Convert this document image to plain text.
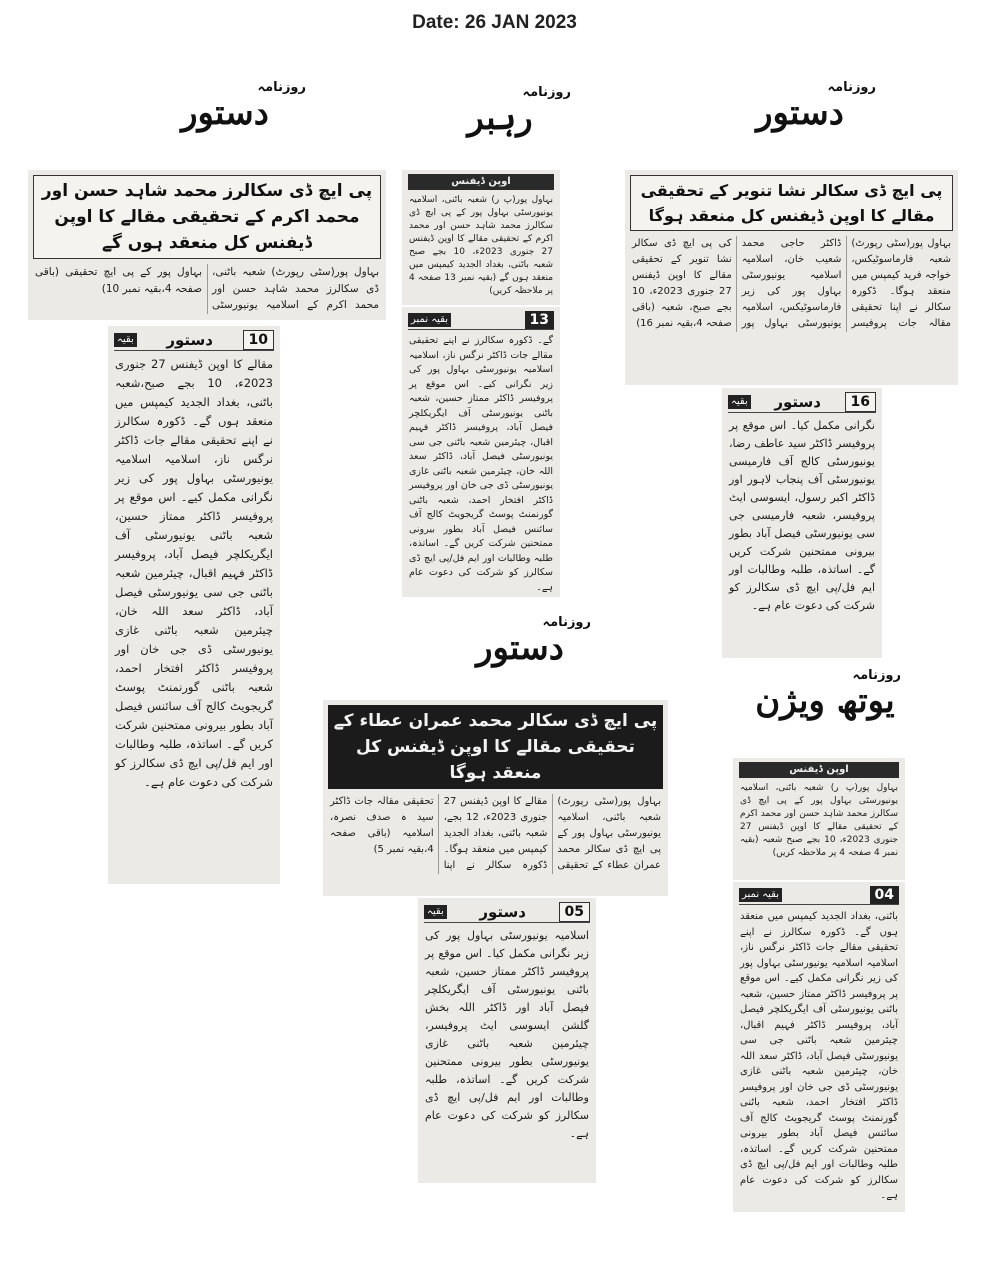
Date: 26 JAN 2023
روزنامہ
دستور
روزنامہ
رہبر
روزنامہ
دستور
روزنامہ
دستور
روزنامہ
یوتھ ویژن
پی ایچ ڈی سکالرز محمد شاہد حسن اور محمد اکرم کے تحقیقی مقالے کا اوپن ڈیفنس کل منعقد ہوں گے
بہاول پور(سٹی رپورٹ) شعبہ باٹنی، ڈی سکالرز محمد شاہد حسن اور محمد اکرم کے اسلامیہ یونیورسٹی بہاول پور کے پی ایچ تحقیقی (باقی صفحہ 4،بقیہ نمبر 10)
10
دستور
بقیہ
مقالے کا اوپن ڈیفنس 27 جنوری 2023ء، 10 بجے صبح،شعبہ باٹنی، بغداد الجدید کیمپس میں منعقد ہوں گے۔ ڈکورہ سکالرز نے اپنے تحقیقی مقالے جات ڈاکٹر نرگس ناز، اسلامیہ اسلامیہ یونیورسٹی بہاول پور کی زیر نگرانی مکمل کیے۔ اس موقع پر پروفیسر ڈاکٹر ممتاز حسین، شعبہ باٹنی یونیورسٹی آف ایگریکلچر فیصل آباد، پروفیسر ڈاکٹر فہیم اقبال، چیئرمین شعبہ باٹنی جی سی یونیورسٹی فیصل آباد، ڈاکٹر سعد اللہ خان، چیئرمین شعبہ باٹنی غازی یونیورسٹی ڈی جی خان اور پروفیسر ڈاکٹر افتخار احمد، شعبہ باٹنی گورنمنٹ پوسٹ گریجویٹ کالج آف سائنس فیصل آباد بطور بیرونی ممتحنین شرکت کریں گے۔ اساتذہ، طلبہ وطالبات اور ایم فل/پی ایچ ڈی سکالرز کو شرکت کی دعوت عام ہے۔
اوپن ڈیفنس
بہاول پور(پ ر) شعبہ باٹنی، اسلامیہ یونیورسٹی بہاول پور کے پی ایچ ڈی سکالرز محمد شاہد حسن اور محمد اکرم کے تحقیقی مقالے کا اوپن ڈیفنس 27 جنوری 2023ء، 10 بجے صبح شعبہ باٹنی، بغداد الجدید کیمپس میں منعقد ہوں گے (بقیہ نمبر 13 صفحہ 4 پر ملاحظہ کریں)
13
بقیہ نمبر
گے۔ ڈکورہ سکالرز نے اپنے تحقیقی مقالے جات ڈاکٹر نرگس ناز، اسلامیہ اسلامیہ یونیورسٹی بہاول پور کی زیر نگرانی کیے۔ اس موقع پر پروفیسر ڈاکٹر ممتاز حسین، شعبہ باٹنی یونیورسٹی آف ایگریکلچر فیصل آباد، پروفیسر ڈاکٹر فہیم اقبال، چیئرمین شعبہ باٹنی جی سی یونیورسٹی فیصل آباد، ڈاکٹر سعد اللہ خان، چیئرمین شعبہ باٹنی غازی یونیورسٹی ڈی جی خان اور پروفیسر ڈاکٹر افتخار احمد، شعبہ باٹنی گورنمنٹ پوسٹ گریجویٹ کالج آف سائنس فیصل آباد بطور بیرونی ممتحنین شرکت کریں گے۔ اساتذہ، طلبہ وطالبات اور ایم فل/پی ایچ ڈی سکالرز کو شرکت کی دعوت عام ہے۔
پی ایچ ڈی سکالر نشا تنویر کے تحقیقی مقالے کا اوپن ڈیفنس کل منعقد ہوگا
بہاول پور(سٹی رپورٹ) شعبہ فارماسوٹیکس، خواجہ فرید کیمپس میں منعقد ہوگا۔ ڈکورہ سکالر نے اپنا تحقیقی مقالہ جات پروفیسر ڈاکٹر حاجی محمد شعیب خان، اسلامیہ اسلامیہ یونیورسٹی بہاول پور کی زیر فارماسوٹیکس، اسلامیہ یونیورسٹی بہاول پور کی پی ایچ ڈی سکالر نشا تنویر کے تحقیقی مقالے کا اوپن ڈیفنس 27 جنوری 2023ء، 10 بجے صبح، شعبہ (باقی صفحہ 4،بقیہ نمبر 16)
16
دستور
بقیہ
نگرانی مکمل کیا۔ اس موقع پر پروفیسر ڈاکٹر سید عاطف رضا، یونیورسٹی کالج آف فارمیسی یونیورسٹی آف پنجاب لاہور اور ڈاکٹر اکبر رسول، ایسوسی ایٹ پروفیسر، شعبہ فارمیسی جی سی یونیورسٹی فیصل آباد بطور بیرونی ممتحنین شرکت کریں گے۔ اساتذہ، طلبہ وطالبات اور ایم فل/پی ایچ ڈی سکالرز کو شرکت کی دعوت عام ہے۔
پی ایچ ڈی سکالر محمد عمران عطاء کے تحقیقی مقالے کا اوپن ڈیفنس کل منعقد ہوگا
بہاول پور(سٹی رپورٹ) شعبہ باٹنی، اسلامیہ یونیورسٹی بہاول پور کے پی ایچ ڈی سکالر محمد عمران عطاء کے تحقیقی مقالے کا اوپن ڈیفنس 27 جنوری 2023ء، 12 بجے، شعبہ باٹنی، بغداد الجدید کیمپس میں منعقد ہوگا۔ ڈکورہ سکالر نے اپنا تحقیقی مقالہ جات ڈاکٹر سید ہ صدف نصرہ، اسلامیہ (باقی صفحہ 4،بقیہ نمبر 5)
05
دستور
بقیہ
اسلامیہ یونیورسٹی بہاول پور کی زیر نگرانی مکمل کیا۔ اس موقع پر پروفیسر ڈاکٹر ممتاز حسین، شعبہ باٹنی یونیورسٹی آف ایگریکلچر فیصل آباد اور ڈاکٹر اللہ بخش گلشن ایسوسی ایٹ پروفیسر، چیئرمین شعبہ باٹنی غازی یونیورسٹی بطور بیرونی ممتحنین شرکت کریں گے۔ اساتذہ، طلبہ وطالبات اور ایم فل/پی ایچ ڈی سکالرز کو شرکت کی دعوت عام ہے۔
اوپن ڈیفنس
بہاول پور(پ ر) شعبہ باٹنی، اسلامیہ یونیورسٹی بہاول پور کے پی ایچ ڈی سکالرز محمد شاہد حسن اور محمد اکرم کے تحقیقی مقالے کا اوپن ڈیفنس 27 جنوری 2023ء، 10 بجے صبح شعبہ (بقیہ نمبر 4 صفحہ 4 پر ملاحظہ کریں)
04
بقیہ نمبر
باٹنی، بغداد الجدید کیمپس میں منعقد ہوں گے۔ ڈکورہ سکالرز نے اپنے تحقیقی مقالے جات ڈاکٹر نرگس ناز، اسلامیہ اسلامیہ یونیورسٹی بہاول پور کی زیر نگرانی مکمل کیے۔ اس موقع پر پروفیسر ڈاکٹر ممتاز حسین، شعبہ باٹنی یونیورسٹی آف ایگریکلچر فیصل آباد، پروفیسر ڈاکٹر فہیم اقبال، چیئرمین شعبہ باٹنی جی سی یونیورسٹی فیصل آباد، ڈاکٹر سعد اللہ خان، چیئرمین شعبہ باٹنی غازی یونیورسٹی ڈی جی خان اور پروفیسر ڈاکٹر افتخار احمد، شعبہ باٹنی گورنمنٹ پوسٹ گریجویٹ کالج آف سائنس فیصل آباد بطور بیرونی ممتحنین شرکت کریں گے۔ اساتذہ، طلبہ وطالبات اور ایم فل/پی ایچ ڈی سکالرز کو شرکت کی دعوت عام ہے۔
